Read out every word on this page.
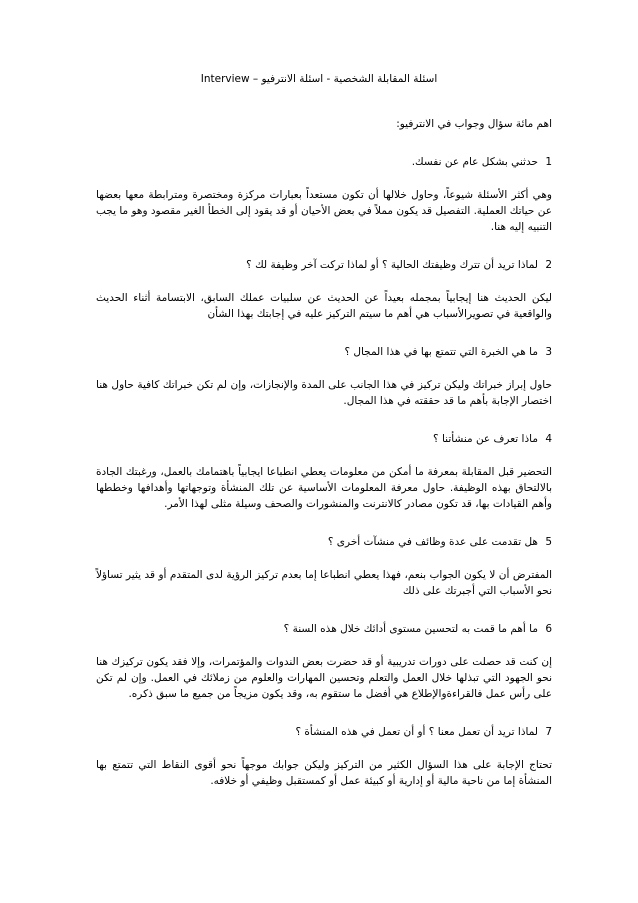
اسئلة المقابلة الشخصية - اسئلة الانترفيو – Interview

اهم مائة سؤال وجواب في الانترفيو:

1 حدثني بشكل عام عن نفسك.

وهي أكثر الأسئلة شيوعاً، وحاول خلالها أن تكون مستعداً بعبارات مركزة ومختصرة ومترابطة معها بعضها عن حياتك العملية. التفصيل قد يكون مملاً في بعض الأحيان أو قد يقود إلى الخطأ الغير مقصود وهو ما يجب التنبيه إليه هنا.

2 لماذا تريد أن تترك وظيفتك الحالية ؟ أو لماذا تركت آخر وظيفة لك ؟

ليكن الحديث هنا إيجابياً بمجمله بعيداً عن الحديث عن سلبيات عملك السابق، الابتسامة أثناء الحديث والواقعية في تصويرالأسباب هي أهم ما سيتم التركيز عليه في إجابتك بهذا الشأن

3 ما هي الخبرة التي تتمتع بها في هذا المجال ؟

حاول إبراز خبراتك وليكن تركيز في هذا الجانب على المدة والإنجازات، وإن لم تكن خبراتك كافية حاول هنا اختصار الإجابة بأهم ما قد حققته في هذا المجال.

4 ماذا تعرف عن منشأتنا ؟

التحضير قبل المقابلة بمعرفة ما أمكن من معلومات يعطي انطباعا ايجابياً باهتمامك بالعمل، ورغبتك الجادة بالالتحاق بهذه الوظيفة. حاول معرفة المعلومات الأساسية عن تلك المنشأة وتوجهاتها وأهدافها وخططها وأهم القيادات بها، قد تكون مصادر كالانترنت والمنشورات والصحف وسيلة مثلى لهذا الأمر.

5 هل تقدمت على عدة وظائف في منشآت أخرى ؟

المفترض أن لا يكون الجواب بنعم، فهذا يعطي انطباعا إما بعدم تركيز الرؤية لدى المتقدم أو قد يثير تساؤلاً نحو الأسباب التي أجبرتك على ذلك

6 ما أهم ما قمت به لتحسين مستوى أدائك خلال هذه السنة ؟

إن كنت قد حصلت على دورات تدريبية أو قد حضرت بعض الندوات والمؤتمرات، وإلا فقد يكون تركيزك هنا نحو الجهود التي تبذلها خلال العمل والتعلم وتحسين المهارات والعلوم من زملائك في العمل. وإن لم تكن على رأس عمل فالقراءةوالإطلاع هي أفضل ما ستقوم به، وقد يكون مزيجاً من جميع ما سبق ذكره.

7 لماذا تريد أن تعمل معنا ؟ أو أن تعمل في هذه المنشأة ؟

تحتاج الإجابة على هذا السؤال الكثير من التركيز وليكن جوابك موجهاً نحو أقوى النقاط التي تتمتع بها المنشأة إما من ناحية مالية أو إدارية أو كبيئة عمل أو كمستقبل وظيفي أو خلافه.
